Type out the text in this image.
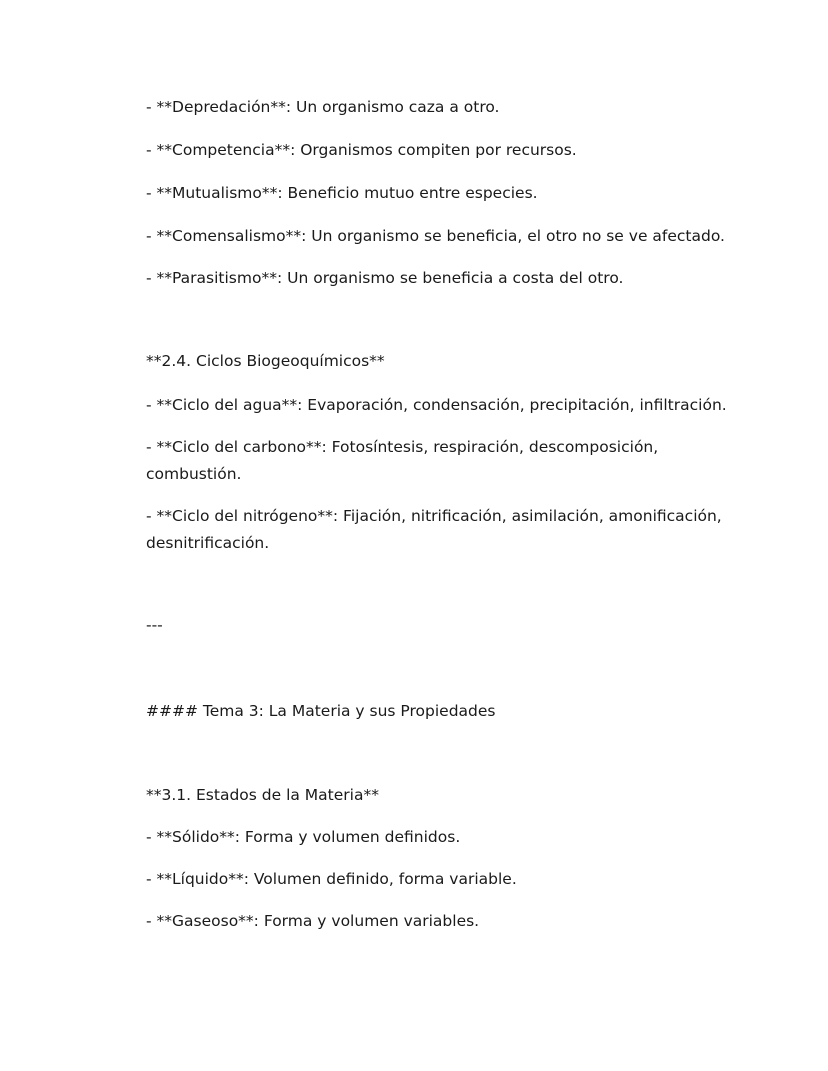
- **Depredación**: Un organismo caza a otro.
- **Competencia**: Organismos compiten por recursos.
- **Mutualismo**: Beneficio mutuo entre especies.
- **Comensalismo**: Un organismo se beneficia, el otro no se ve afectado.
- **Parasitismo**: Un organismo se beneficia a costa del otro.
**2.4. Ciclos Biogeoquímicos**
- **Ciclo del agua**: Evaporación, condensación, precipitación, infiltración.
- **Ciclo del carbono**: Fotosíntesis, respiración, descomposición, combustión.
- **Ciclo del nitrógeno**: Fijación, nitrificación, asimilación, amonificación, desnitrificación.
---
#### Tema 3: La Materia y sus Propiedades
**3.1. Estados de la Materia**
- **Sólido**: Forma y volumen definidos.
- **Líquido**: Volumen definido, forma variable.
- **Gaseoso**: Forma y volumen variables.
